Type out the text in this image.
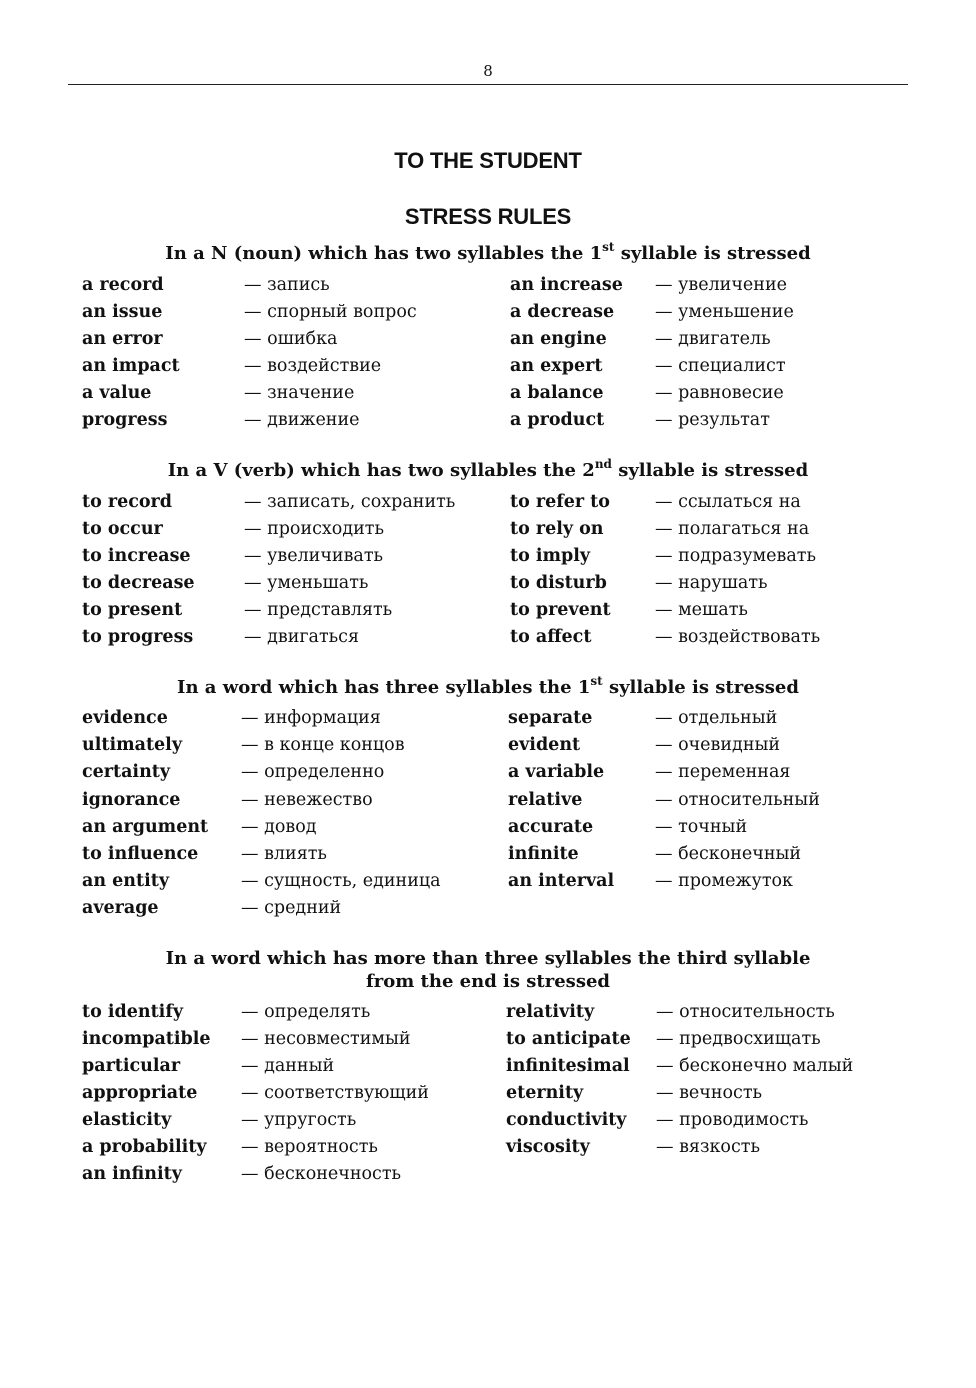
8
TO THE STUDENT
STRESS RULES
In a N (noun) which has two syllables the 1st syllable is stressed
a record	— запись	an increase — увеличение
an issue	— спорный вопрос	a decrease — уменьшение
an error	— ошибка	an engine	— двигатель
an impact	— воздействие	an expert	— специалист
a value	— значение	a balance	— равновесие
progress	— движение	a product	— результат
In a V (verb) which has two syllables the 2nd syllable is stressed
to record	— записать, сохранить	to refer to	— ссылаться на
to occur	— происходить	to rely on	— полагаться на
to increase	— увеличивать	to imply	— подразумевать
to decrease	— уменьшать	to disturb	— нарушать
to present	— представлять	to prevent	— мешать
to progress	— двигаться	to affect	— воздействовать
In a word which has three syllables the 1st syllable is stressed
evidence	— информация	separate	— отдельный
ultimately	— в конце концов	evident	— очевидный
certainty	— определенно	a variable	— переменная
ignorance	— невежество	relative	— относительный
an argument — довод	accurate	— точный
to influence — влиять	infinite	— бесконечный
an entity	— сущность, единица	an interval — промежуток
average	— средний
In a word which has more than three syllables the third syllable
from the end is stressed
to identify	— определять	relativity	— относительность
incompatible — несовместимый	to anticipate — предвосхищать
particular	— данный	infinitesimal — бесконечно малый
appropriate — соответствующий	eternity	— вечность
elasticity	— упругость	conductivity — проводимость
a probability — вероятность	viscosity	— вязкость
an infinity	— бесконечность
